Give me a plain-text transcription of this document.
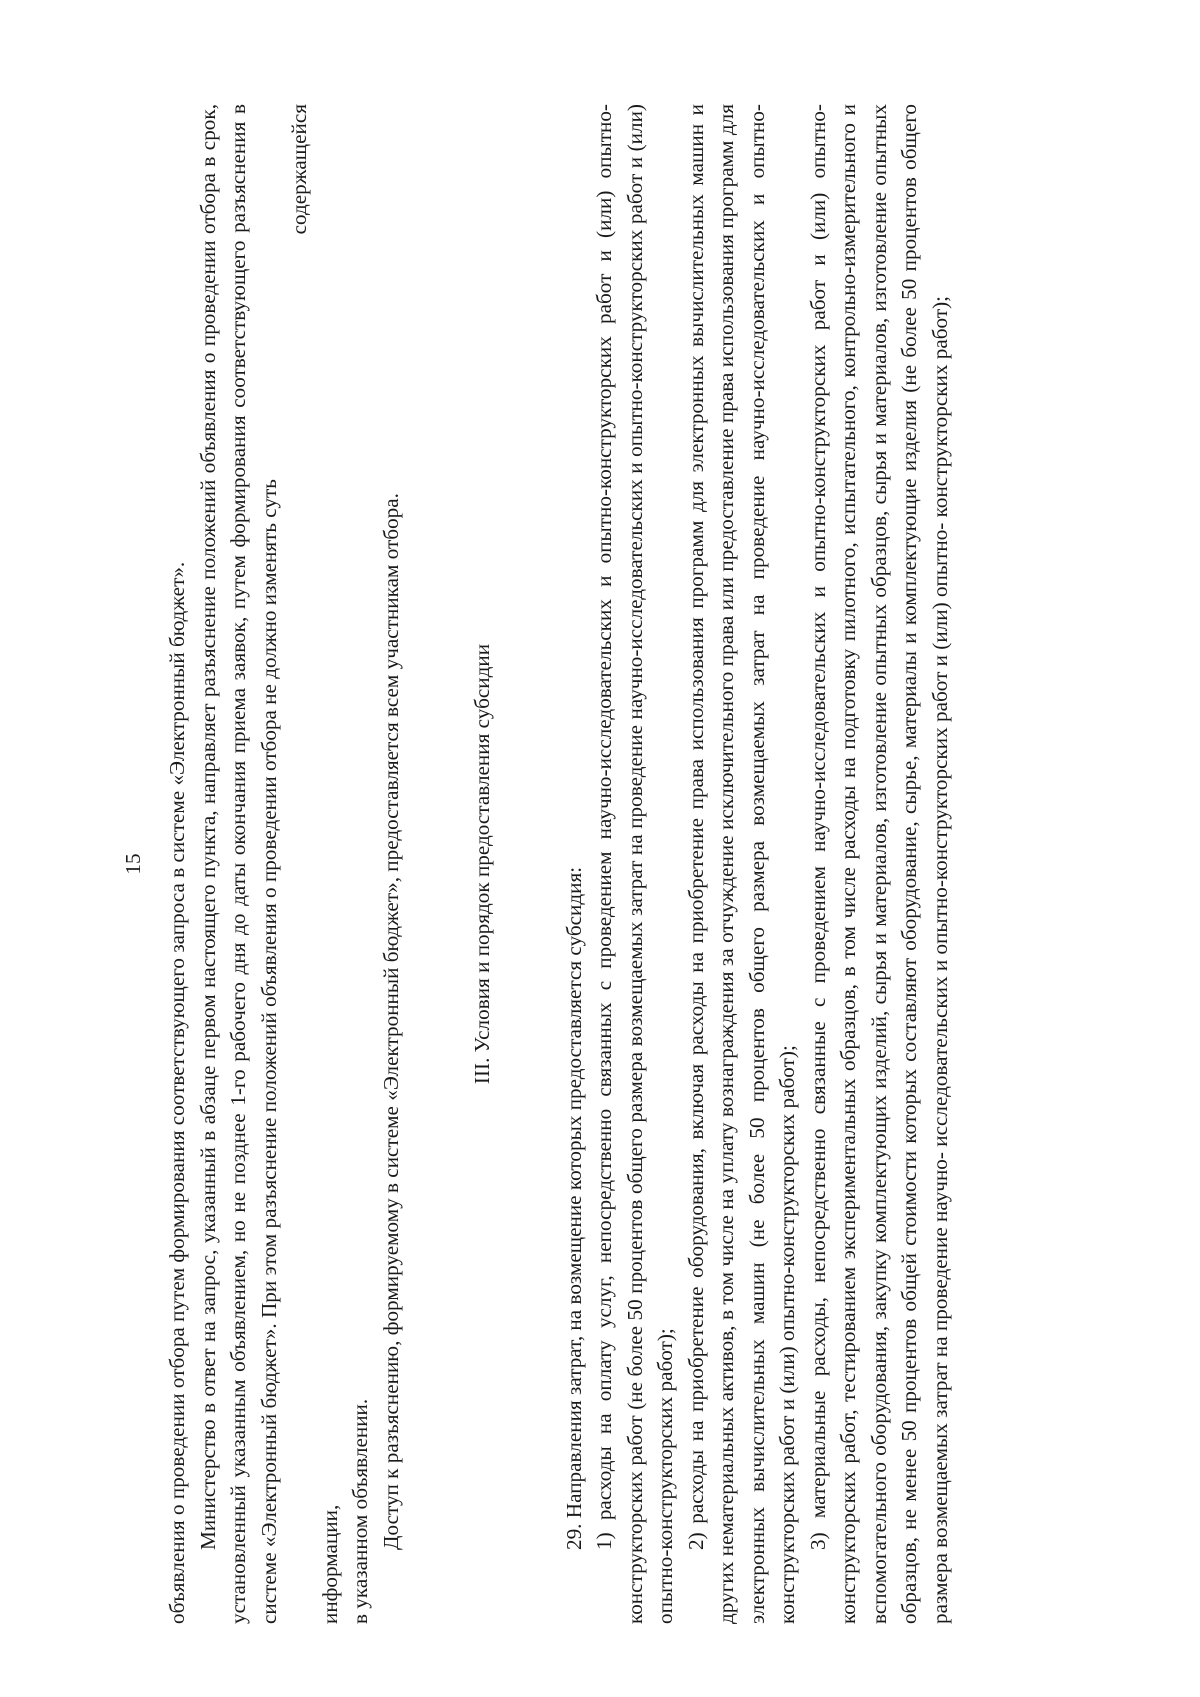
15 объявления о проведении отбора путем формирования соответствующего запроса в системе «Электронный бюджет». Министерство в ответ на запрос, указанный в абзаце первом настоящего пункта, направляет разъяснение положений объявления о проведении отбора в срок, установленный указанным объявлением, но не позднее 1-го рабочего дня до даты окончания приема заявок, путем формирования соответствующего разъяснения в системе «Электронный бюджет». При этом разъяснение положений объявления о проведении отбора не должно изменять суть

содержащейся

информации, в указанном объявлении. Доступ к разъяснению, формируемому в системе «Электронный бюджет», предоставляется всем участникам отбора.	III. Условия и порядок предоставления субсидии

29. Направления затрат, на возмещение которых предоставляется субсидия: 1) расходы на оплату услуг, непосредственно связанных с проведением научно-исследовательских и опытно-конструкторских работ и (или) опытно-конструкторских работ (не более 50 процентов общего размера возмещаемых затрат на проведение научно-исследовательских и опытно-конструкторских работ и (или) опытно-конструкторских работ); 2) расходы на приобретение оборудования, включая расходы на приобретение права использования программ для электронных вычислительных машин и других нематериальных активов, в том числе на уплату вознаграждения за отчуждение исключительного права или предоставление права использования программ для электронных вычислительных машин (не более 50 процентов общего размера возмещаемых затрат на проведение научно-исследовательских и опытно- конструкторских работ и (или) опытно-конструкторских работ); 3) материальные расходы, непосредственно связанные с проведением научно-исследовательских и опытно-конструкторских работ и (или) опытно-конструкторских работ, тестированием экспериментальных образцов, в том числе расходы на подготовку пилотного, испытательного, контрольно-измерительного и вспомогательного оборудования, закупку комплектующих изделий, сырья и материалов, изготовление опытных образцов, сырья и материалов, изготовление опытных образцов, не менее 50 процентов общей стоимости которых составляют оборудование, сырье, материалы и комплектующие изделия (не более 50 процентов общего размера возмещаемых затрат на проведение научно- исследовательских и опытно-конструкторских работ и (или) опытно- конструкторских работ);
